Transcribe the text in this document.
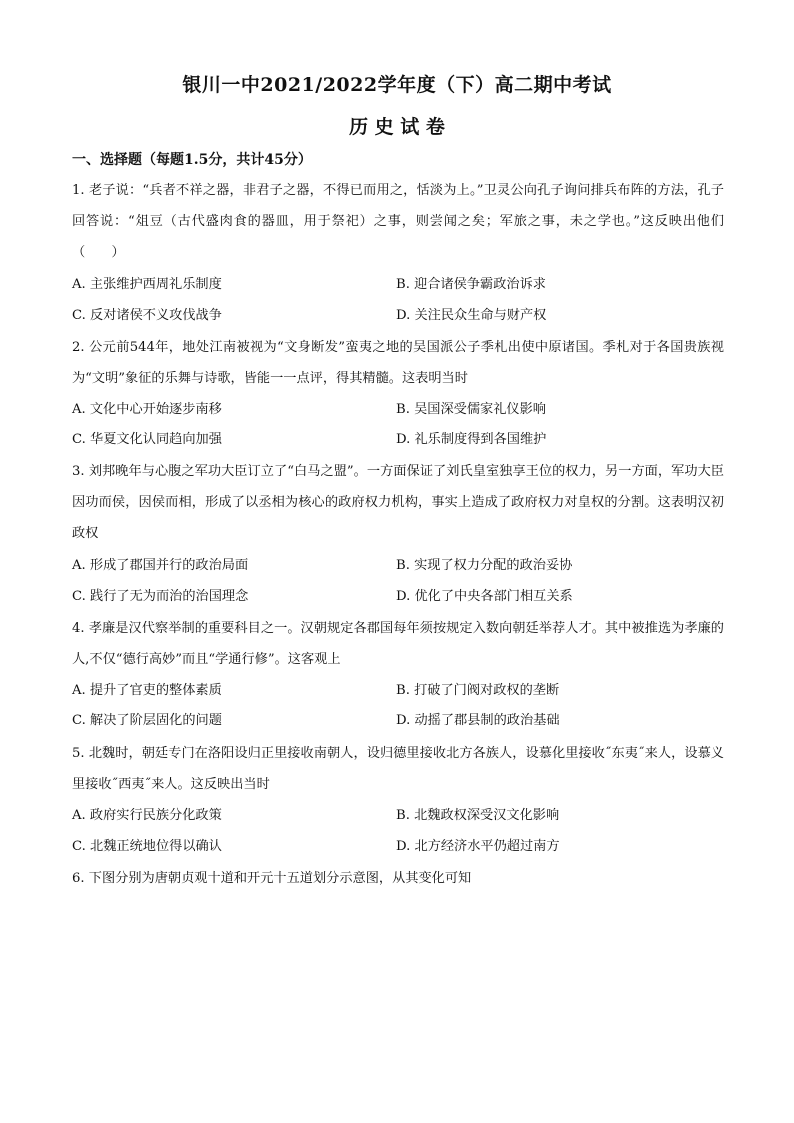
银川一中2021/2022学年度（下）高二期中考试
历 史 试 卷
一、选择题（每题1.5分，共计45分）
1. 老子说：“兵者不祥之器，非君子之器，不得已而用之，恬淡为上。”卫灵公向孔子询问排兵布阵的方法，孔子回答说：“俎豆（古代盛肉食的器皿，用于祭祀）之事，则尝闻之矣；军旅之事，未之学也。”这反映出他们（　　）
A. 主张维护西周礼乐制度	B. 迎合诸侯争霸政治诉求
C. 反对诸侯不义攻伐战争	D. 关注民众生命与财产权
2. 公元前544年，地处江南被视为“文身断发”蛮夷之地的吴国派公子季札出使中原诸国。季札对于各国贵族视为“文明”象征的乐舞与诗歌，皆能一一点评，得其精髓。这表明当时
A. 文化中心开始逐步南移	B. 吴国深受儒家礼仪影响
C. 华夏文化认同趋向加强	D. 礼乐制度得到各国维护
3. 刘邦晚年与心腹之军功大臣订立了“白马之盟”。一方面保证了刘氏皇室独享王位的权力，另一方面，军功大臣因功而侯，因侯而相，形成了以丞相为核心的政府权力机构，事实上造成了政府权力对皇权的分割。这表明汉初政权
A. 形成了郡国并行的政治局面	B. 实现了权力分配的政治妥协
C. 践行了无为而治的治国理念	D. 优化了中央各部门相互关系
4. 孝廉是汉代察举制的重要科目之一。汉朝规定各郡国每年须按规定入数向朝廷举荐人才。其中被推选为孝廉的人,不仅“德行高妙”而且“学通行修”。这客观上
A. 提升了官吏的整体素质	B. 打破了门阀对政权的垄断
C. 解决了阶层固化的问题	D. 动摇了郡县制的政治基础
5. 北魏时，朝廷专门在洛阳设归正里接收南朝人，设归德里接收北方各族人，设慕化里接收˝东夷˝来人，设慕义里接收˝西夷˝来人。这反映出当时
A. 政府实行民族分化政策	B. 北魏政权深受汉文化影响
C. 北魏正统地位得以确认	D. 北方经济水平仍超过南方
6. 下图分别为唐朝贞观十道和开元十五道划分示意图，从其变化可知
